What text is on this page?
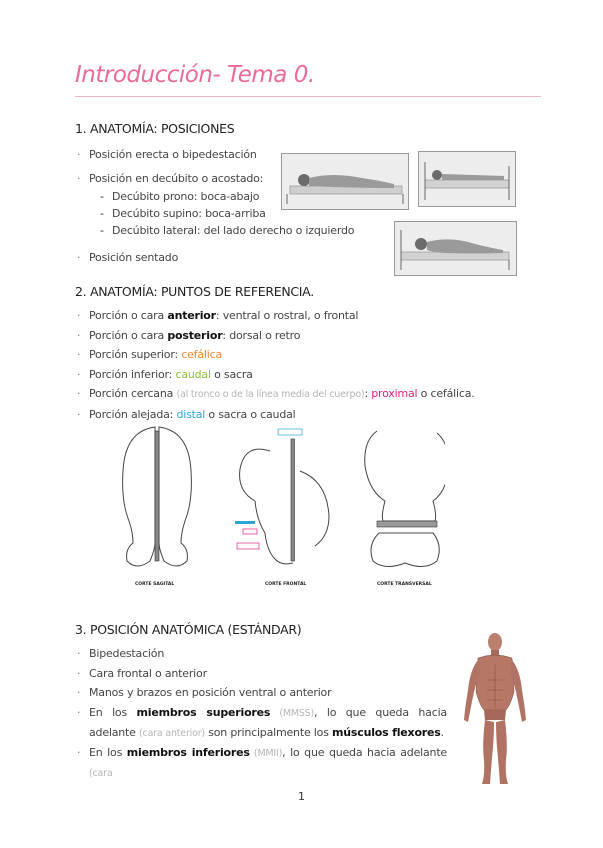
Introducción- Tema 0.
1. ANATOMÍA: POSICIONES
· Posición erecta o bipedestación
· Posición en decúbito o acostado:
- Decúbito prono: boca-abajo
- Decúbito supino: boca-arriba
- Decúbito lateral: del lado derecho o izquierdo
· Posición sentado
2. ANATOMÍA: PUNTOS DE REFERENCIA.
· Porción o cara anterior: ventral o rostral, o frontal
· Porción o cara posterior: dorsal o retro
· Porción superior: cefálica
· Porción inferior: caudal o sacra
· Porción cercana (al tronco o de la línea media del cuerpo): proximal o cefálica.
· Porción alejada: distal o sacra o caudal
CORTE SAGITAL	CORTE FRONTAL	CORTE TRANSVERSAL
3. POSICIÓN ANATÓMICA (ESTÁNDAR)
· Bipedestación
· Cara frontal o anterior
· Manos y brazos en posición ventral o anterior
· En los miembros superiores (MMSS), lo que queda hacia adelante (cara anterior) son principalmente los músculos flexores.
· En los miembros inferiores (MMII), lo que queda hacia adelante (cara
1
